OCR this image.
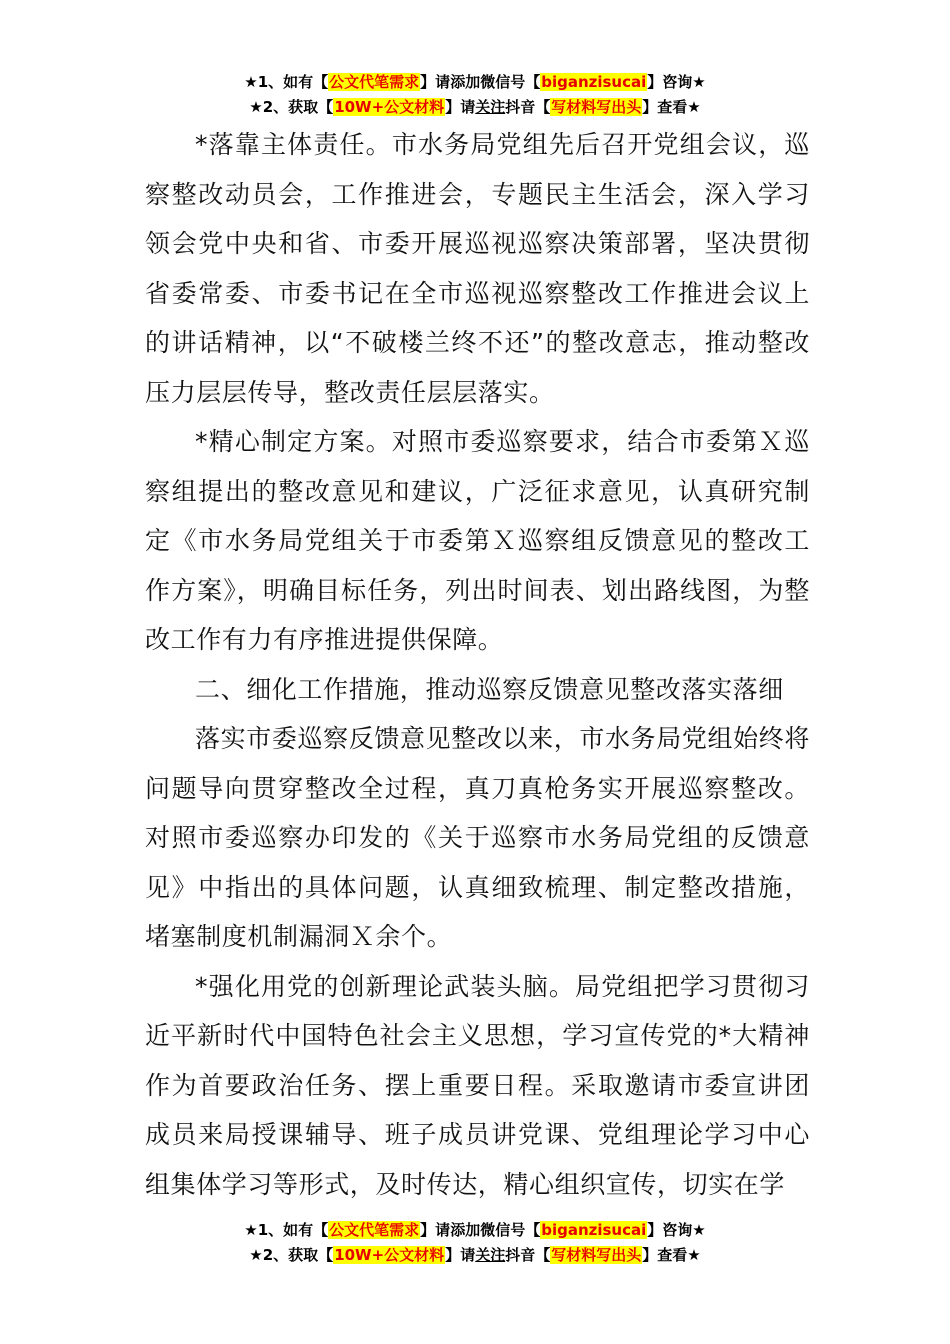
★1、如有【公文代笔需求】请添加微信号【biganzisucai】咨询★
★2、获取【10W+公文材料】请关注抖音【写材料写出头】查看★

*落靠主体责任。市水务局党组先后召开党组会议，巡察整改动员会，工作推进会，专题民主生活会，深入学习领会党中央和省、市委开展巡视巡察决策部署，坚决贯彻省委常委、市委书记在全市巡视巡察整改工作推进会议上的讲话精神，以“不破楼兰终不还”的整改意志，推动整改压力层层传导，整改责任层层落实。

*精心制定方案。对照市委巡察要求，结合市委第Ｘ巡察组提出的整改意见和建议，广泛征求意见，认真研究制定《市水务局党组关于市委第Ｘ巡察组反馈意见的整改工作方案》，明确目标任务，列出时间表、划出路线图，为整改工作有力有序推进提供保障。

二、细化工作措施，推动巡察反馈意见整改落实落细

落实市委巡察反馈意见整改以来，市水务局党组始终将问题导向贯穿整改全过程，真刀真枪务实开展巡察整改。对照市委巡察办印发的《关于巡察市水务局党组的反馈意见》中指出的具体问题，认真细致梳理、制定整改措施，堵塞制度机制漏洞Ｘ余个。

*强化用党的创新理论武装头脑。局党组把学习贯彻习近平新时代中国特色社会主义思想，学习宣传党的*大精神作为首要政治任务、摆上重要日程。采取邀请市委宣讲团成员来局授课辅导、班子成员讲党课、党组理论学习中心组集体学习等形式，及时传达，精心组织宣传，切实在学

★1、如有【公文代笔需求】请添加微信号【biganzisucai】咨询★
★2、获取【10W+公文材料】请关注抖音【写材料写出头】查看★
